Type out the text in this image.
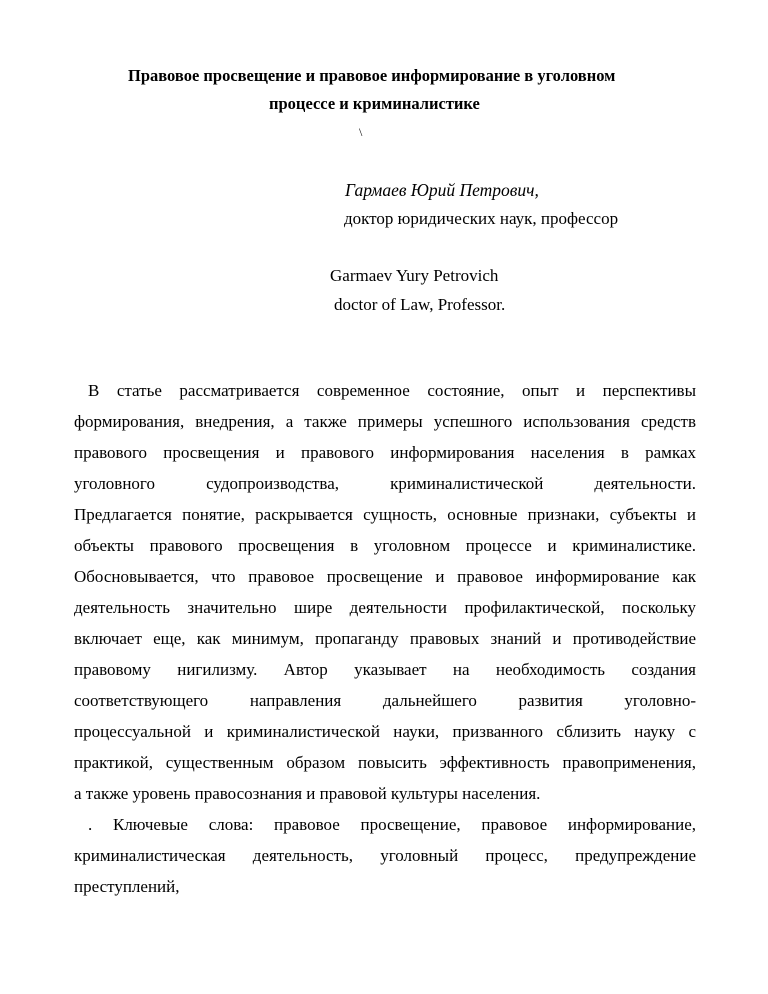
Правовое просвещение и правовое информирование в уголовном
процессе и криминалистике
\
Гармаев Юрий Петрович,
доктор юридических наук, профессор
Garmaev Yury Petrovich
doctor of Law, Professor.
В статье рассматривается современное состояние, опыт и перспективы
формирования, внедрения, а также примеры успешного использования средств
правового просвещения и правового информирования населения в рамках
уголовного судопроизводства, криминалистической деятельности.
Предлагается понятие, раскрывается сущность, основные признаки, субъекты и
объекты правового просвещения в уголовном процессе и криминалистике.
Обосновывается, что правовое просвещение и правовое информирование как
деятельность значительно шире деятельности профилактической, поскольку
включает еще, как минимум, пропаганду правовых знаний и противодействие
правовому нигилизму. Автор указывает на необходимость создания
соответствующего направления дальнейшего развития уголовно-
процессуальной и криминалистической науки, призванного сблизить науку с
практикой, существенным образом повысить эффективность правоприменения,
а также уровень правосознания и правовой культуры населения.
. Ключевые слова: правовое просвещение, правовое информирование,
криминалистическая деятельность, уголовный процесс, предупреждение
преступлений,
